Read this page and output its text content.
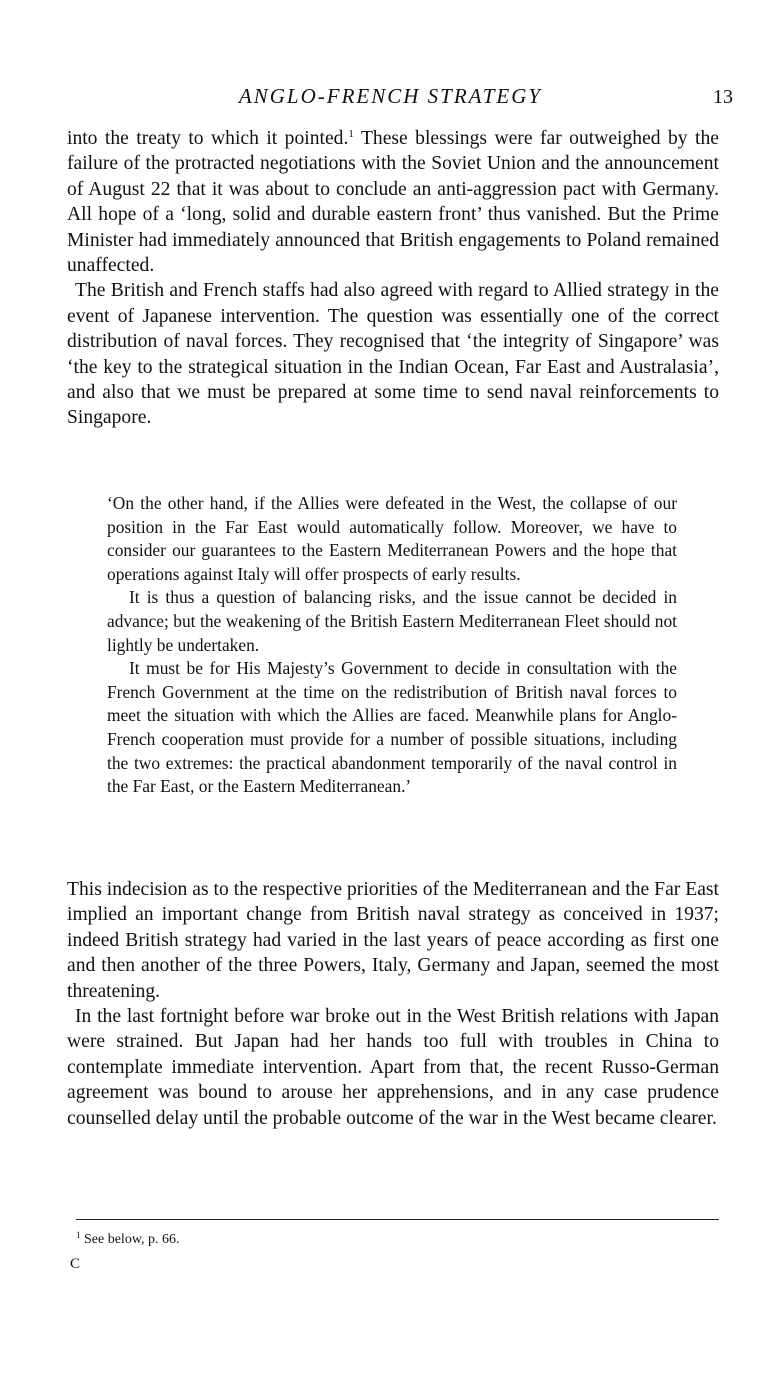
ANGLO-FRENCH STRATEGY	13

into the treaty to which it pointed.$^1$ These blessings were far outweighed by the failure of the protracted negotiations with the Soviet Union and the announcement of August 22 that it was about to conclude an anti-aggression pact with Germany. All hope of a ‘long, solid and durable eastern front’ thus vanished. But the Prime Minister had immediately announced that British engagements to Poland remained unaffected.

The British and French staffs had also agreed with regard to Allied strategy in the event of Japanese intervention. The question was essentially one of the correct distribution of naval forces. They recognised that ‘the integrity of Singapore’ was ‘the key to the strategical situation in the Indian Ocean, Far East and Australasia’, and also that we must be prepared at some time to send naval reinforcements to Singapore.

‘On the other hand, if the Allies were defeated in the West, the collapse of our position in the Far East would automatically follow. Moreover, we have to consider our guarantees to the Eastern Mediterranean Powers and the hope that operations against Italy will offer prospects of early results.

It is thus a question of balancing risks, and the issue cannot be decided in advance; but the weakening of the British Eastern Mediterranean Fleet should not lightly be undertaken.

It must be for His Majesty’s Government to decide in consultation with the French Government at the time on the redistribution of British naval forces to meet the situation with which the Allies are faced. Meanwhile plans for Anglo-French cooperation must provide for a number of possible situations, including the two extremes: the practical abandonment temporarily of the naval control in the Far East, or the Eastern Mediterranean.’

This indecision as to the respective priorities of the Mediterranean and the Far East implied an important change from British naval strategy as conceived in 1937; indeed British strategy had varied in the last years of peace according as first one and then another of the three Powers, Italy, Germany and Japan, seemed the most threatening.

In the last fortnight before war broke out in the West British relations with Japan were strained. But Japan had her hands too full with troubles in China to contemplate immediate intervention. Apart from that, the recent Russo-German agreement was bound to arouse her apprehensions, and in any case prudence counselled delay until the probable outcome of the war in the West became clearer.

$^1$ See below, p. 66.
C
